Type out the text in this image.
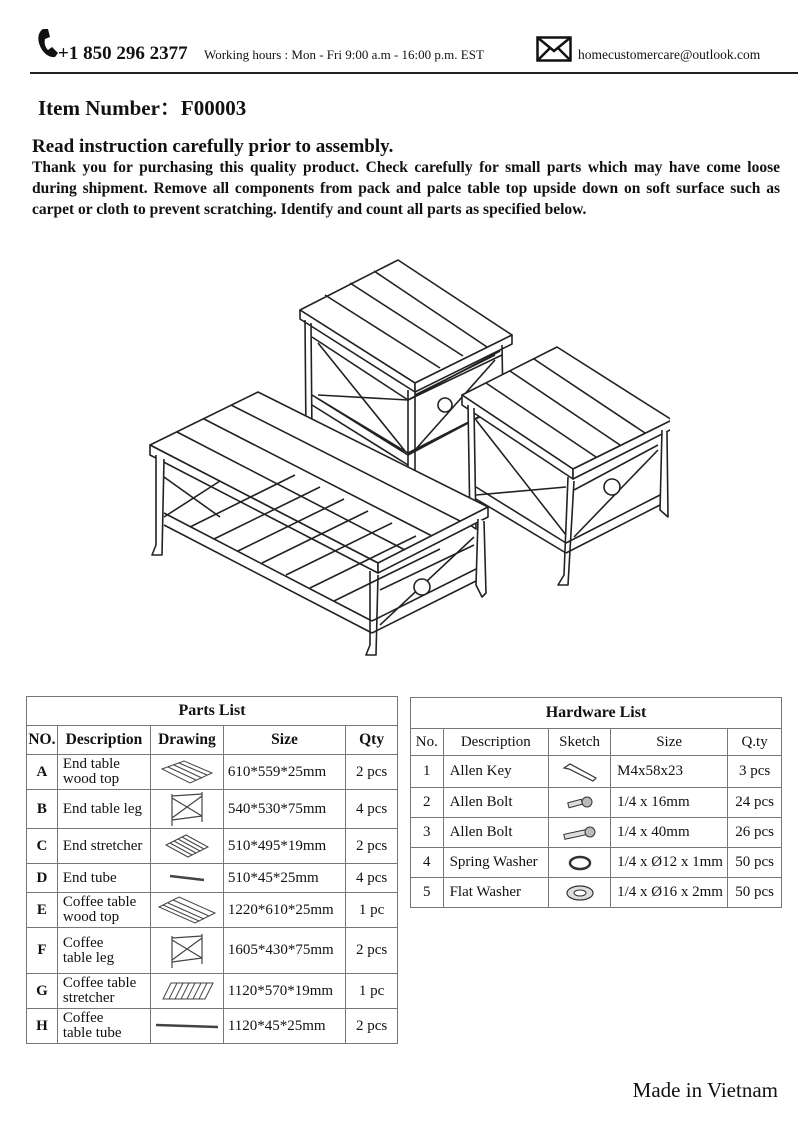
+1 850 296 2377 Working hours : Mon - Fri 9:00 a.m - 16:00 p.m. EST	homecustomercare@outlook.com
Item Number：F00003
Read instruction carefully prior to assembly.
Thank you for purchasing this quality product. Check carefully for small parts which may have come loose during shipment. Remove all components from pack and palce table top upside down on soft surface such as carpet or cloth to prevent scratching. Identify and count all parts as specified below.
Parts List				
NO.	Description	Drawing	Size	Qty
A	End table
wood top		610*559*25mm	2 pcs
B	End table leg		540*530*75mm	4 pcs
C	End stretcher		510*495*19mm	2 pcs
D	End tube		510*45*25mm	4 pcs
E	Coffee table
wood top		1220*610*25mm	1 pc
F	Coffee
table leg		1605*430*75mm	2 pcs
G	Coffee table
stretcher		1120*570*19mm	1 pc
H	Coffee
table tube		1120*45*25mm	2 pcs
Hardware List				
No.	Description	Sketch	Size	Q.ty
1	Allen Key		M4x58x23	3 pcs
2	Allen Bolt		1/4 x 16mm	24 pcs
3	Allen Bolt		1/4 x 40mm	26 pcs
4	Spring Washer		1/4 x Ø12 x 1mm	50 pcs
5	Flat Washer		1/4 x Ø16 x 2mm	50 pcs
Made in Vietnam
